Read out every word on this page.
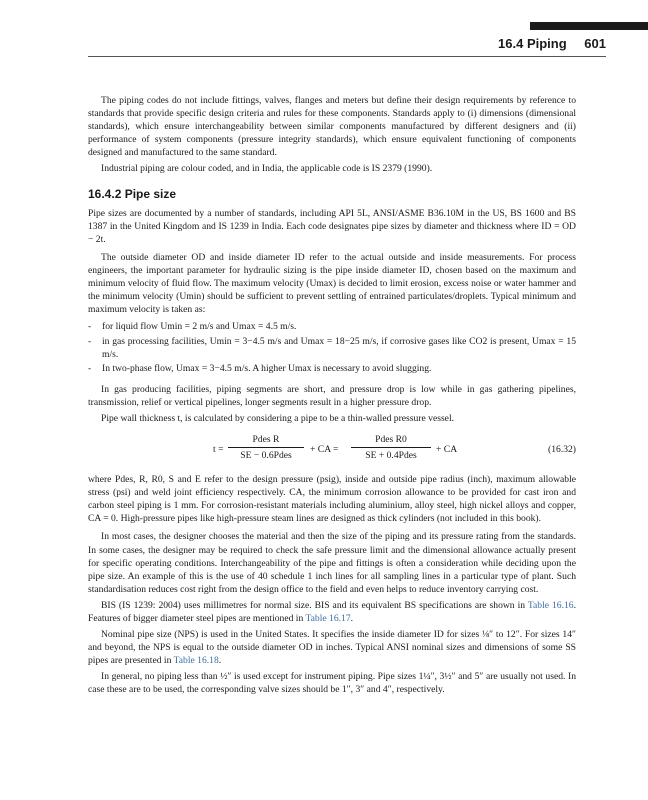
16.4 Piping 601

The piping codes do not include fittings, valves, flanges and meters but define their design requirements by reference to standards that provide specific design criteria and rules for these components. Standards apply to (i) dimensions (dimensional standards), which ensure interchangeability between similar components manufactured by different designers and (ii) performance of system components (pressure integrity standards), which ensure equivalent functioning of components designed and manufactured to the same standard.

Industrial piping are colour coded, and in India, the applicable code is IS 2379 (1990).

16.4.2 Pipe size

Pipe sizes are documented by a number of standards, including API 5L, ANSI/ASME B36.10M in the US, BS 1600 and BS 1387 in the United Kingdom and IS 1239 in India. Each code designates pipe sizes by diameter and thickness where ID = OD − 2t.

The outside diameter OD and inside diameter ID refer to the actual outside and inside measurements. For process engineers, the important parameter for hydraulic sizing is the pipe inside diameter ID, chosen based on the maximum and minimum velocity of fluid flow. The maximum velocity (Umax) is decided to limit erosion, excess noise or water hammer and the minimum velocity (Umin) should be sufficient to prevent settling of entrained particulates/droplets. Typical minimum and maximum velocity is taken as:

- for liquid flow Umin = 2 m/s and Umax = 4.5 m/s.
- in gas processing facilities, Umin = 3−4.5 m/s and Umax = 18−25 m/s, if corrosive gases like CO2 is present, Umax = 15 m/s.
- In two-phase flow, Umax = 3−4.5 m/s. A higher Umax is necessary to avoid slugging.

In gas producing facilities, piping segments are short, and pressure drop is low while in gas gathering pipelines, transmission, relief or vertical pipelines, longer segments result in a higher pressure drop.

Pipe wall thickness t, is calculated by considering a pipe to be a thin-walled pressure vessel.

t =
Pdes R
SE − 0.6Pdes
+ CA =
Pdes R0
SE + 0.4Pdes
+ CA	(16.32)

where Pdes, R, R0, S and E refer to the design pressure (psig), inside and outside pipe radius (inch), maximum allowable stress (psi) and weld joint efficiency respectively. CA, the minimum corrosion allowance to be provided for cast iron and carbon steel piping is 1 mm. For corrosion-resistant materials including aluminium, alloy steel, high nickel alloys and copper, CA = 0. High-pressure pipes like high-pressure steam lines are designed as thick cylinders (not included in this book).

In most cases, the designer chooses the material and then the size of the piping and its pressure rating from the standards. In some cases, the designer may be required to check the safe pressure limit and the dimensional allowance actually present for specific operating conditions. Interchangeability of the pipe and fittings is often a consideration while deciding upon the pipe size. An example of this is the use of 40 schedule 1 inch lines for all sampling lines in a particular type of plant. Such standardisation reduces cost right from the design office to the field and even helps to reduce inventory carrying cost.

BIS (IS 1239: 2004) uses millimetres for normal size. BIS and its equivalent BS specifications are shown in Table 16.16. Features of bigger diameter steel pipes are mentioned in Table 16.17.

Nominal pipe size (NPS) is used in the United States. It specifies the inside diameter ID for sizes ⅛″ to 12″. For sizes 14″ and beyond, the NPS is equal to the outside diameter OD in inches. Typical ANSI nominal sizes and dimensions of some SS pipes are presented in Table 16.18.

In general, no piping less than ½″ is used except for instrument piping. Pipe sizes 1¼″, 3½″ and 5″ are usually not used. In case these are to be used, the corresponding valve sizes should be 1″, 3″ and 4″, respectively.
